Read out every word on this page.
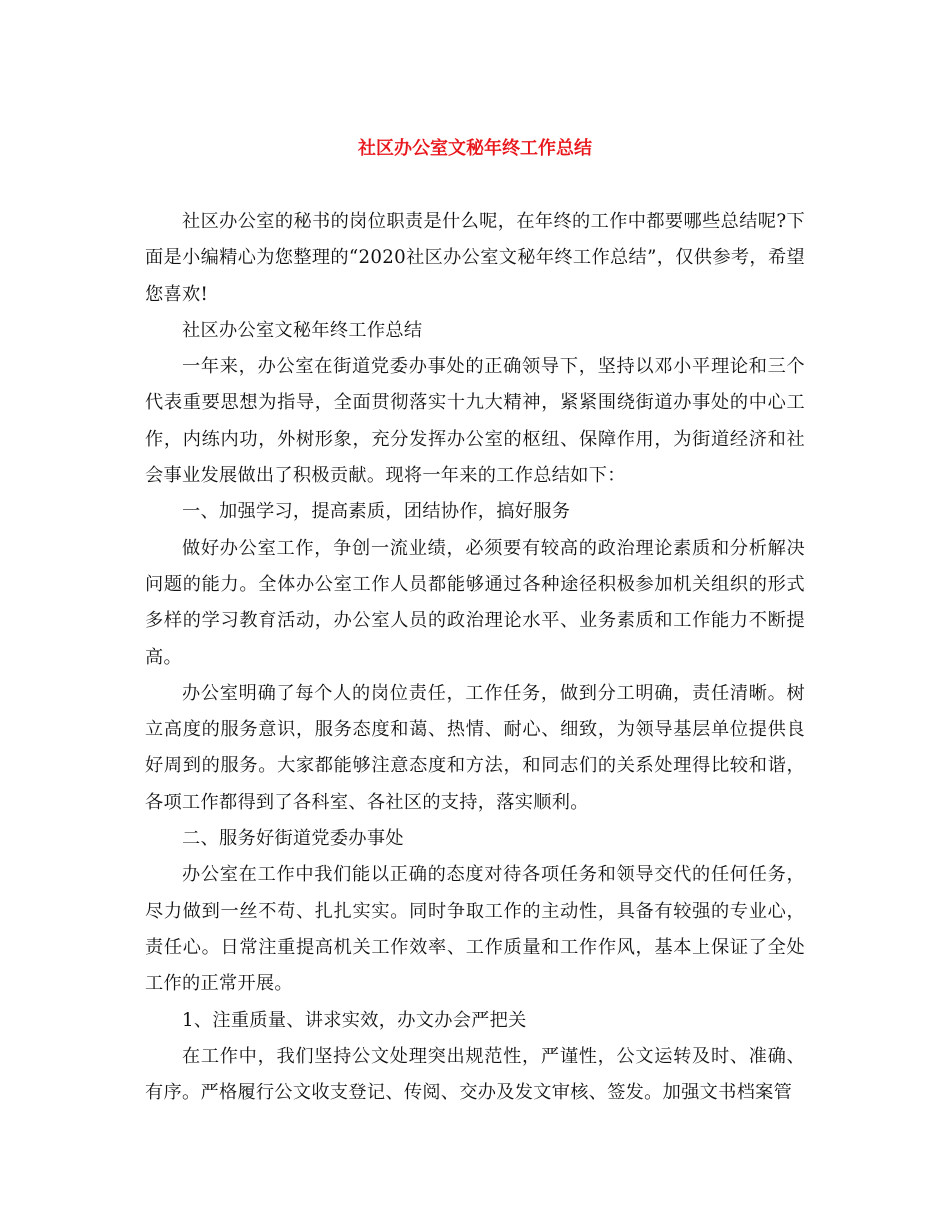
社区办公室文秘年终工作总结

社区办公室的秘书的岗位职责是什么呢，在年终的工作中都要哪些总结呢?下面是小编精心为您整理的“2020社区办公室文秘年终工作总结”，仅供参考，希望您喜欢!

社区办公室文秘年终工作总结

一年来，办公室在街道党委办事处的正确领导下，坚持以邓小平理论和三个代表重要思想为指导，全面贯彻落实十九大精神，紧紧围绕街道办事处的中心工作，内练内功，外树形象，充分发挥办公室的枢纽、保障作用，为街道经济和社会事业发展做出了积极贡献。现将一年来的工作总结如下：

一、加强学习，提高素质，团结协作，搞好服务

做好办公室工作，争创一流业绩，必须要有较高的政治理论素质和分析解决问题的能力。全体办公室工作人员都能够通过各种途径积极参加机关组织的形式多样的学习教育活动，办公室人员的政治理论水平、业务素质和工作能力不断提高。

办公室明确了每个人的岗位责任，工作任务，做到分工明确，责任清晰。树立高度的服务意识，服务态度和蔼、热情、耐心、细致，为领导基层单位提供良好周到的服务。大家都能够注意态度和方法，和同志们的关系处理得比较和谐，各项工作都得到了各科室、各社区的支持，落实顺利。

二、服务好街道党委办事处

办公室在工作中我们能以正确的态度对待各项任务和领导交代的任何任务，尽力做到一丝不苟、扎扎实实。同时争取工作的主动性，具备有较强的专业心，责任心。日常注重提高机关工作效率、工作质量和工作作风，基本上保证了全处工作的正常开展。

1、注重质量、讲求实效，办文办会严把关

在工作中，我们坚持公文处理突出规范性，严谨性，公文运转及时、准确、有序。严格履行公文收支登记、传阅、交办及发文审核、签发。加强文书档案管
